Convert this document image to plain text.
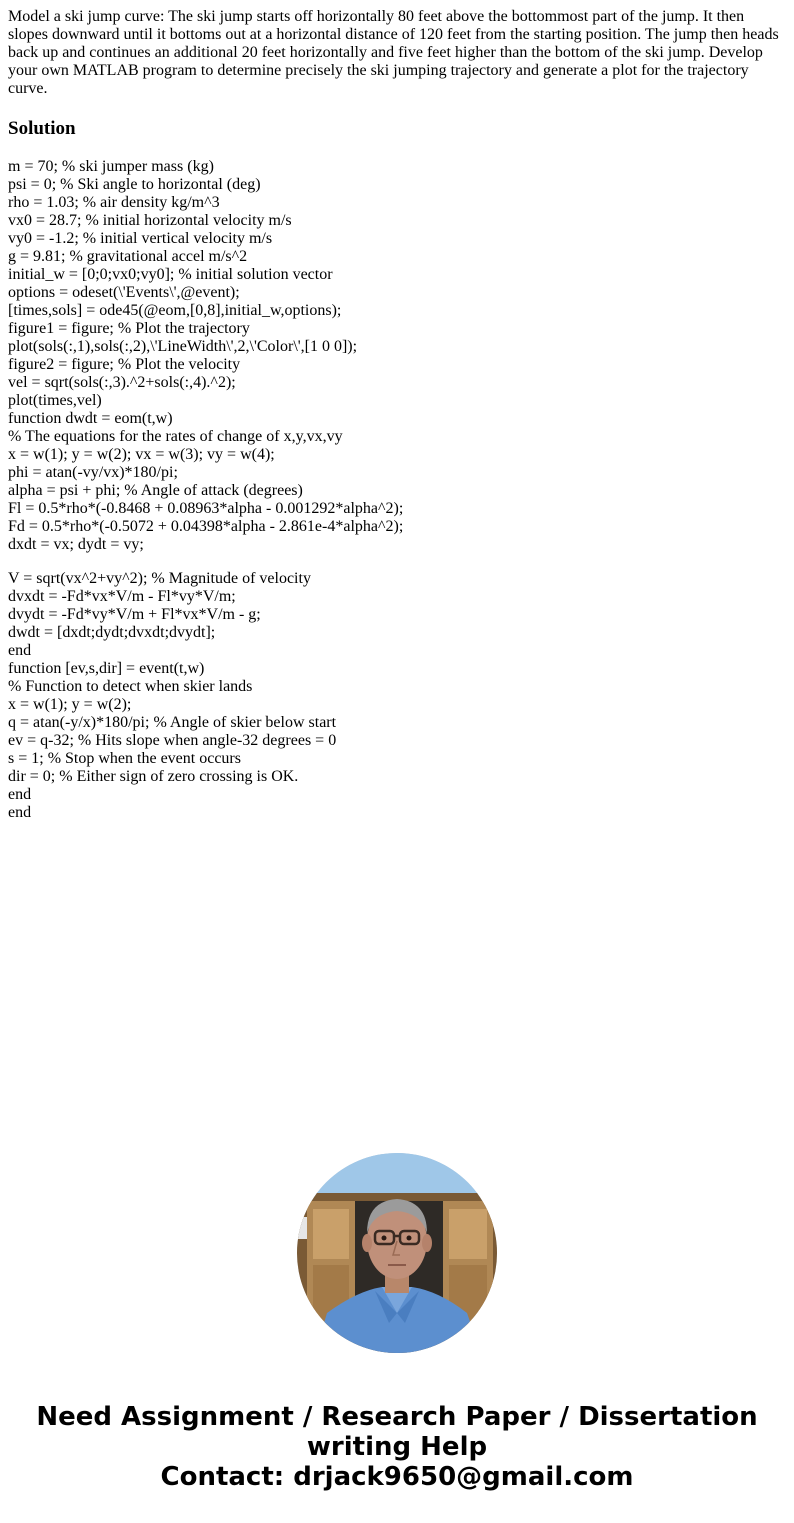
Model a ski jump curve: The ski jump starts off horizontally 80 feet above the bottommost part of the jump. It then slopes downward until it bottoms out at a horizontal distance of 120 feet from the starting position. The jump then heads back up and continues an additional 20 feet horizontally and five feet higher than the bottom of the ski jump. Develop your own MATLAB program to determine precisely the ski jumping trajectory and generate a plot for the trajectory curve.

Solution
m = 70; % ski jumper mass (kg)
psi = 0; % Ski angle to horizontal (deg)
rho = 1.03; % air density kg/m^3
vx0 = 28.7; % initial horizontal velocity m/s
vy0 = -1.2; % initial vertical velocity m/s
g = 9.81; % gravitational accel m/s^2
initial_w = [0;0;vx0;vy0]; % initial solution vector
options = odeset(\'Events\',@event);
[times,sols] = ode45(@eom,[0,8],initial_w,options);
figure1 = figure; % Plot the trajectory
plot(sols(:,1),sols(:,2),\'LineWidth\',2,\'Color\',[1 0 0]);
figure2 = figure; % Plot the velocity
vel = sqrt(sols(:,3).^2+sols(:,4).^2);
plot(times,vel)
function dwdt = eom(t,w)
% The equations for the rates of change of x,y,vx,vy
x = w(1); y = w(2); vx = w(3); vy = w(4);
phi = atan(-vy/vx)*180/pi;
alpha = psi + phi; % Angle of attack (degrees)
Fl = 0.5*rho*(-0.8468 + 0.08963*alpha - 0.001292*alpha^2);
Fd = 0.5*rho*(-0.5072 + 0.04398*alpha - 2.861e-4*alpha^2);
dxdt = vx; dydt = vy;
V = sqrt(vx^2+vy^2); % Magnitude of velocity
dvxdt = -Fd*vx*V/m - Fl*vy*V/m;
dvydt = -Fd*vy*V/m + Fl*vx*V/m - g;
dwdt = [dxdt;dydt;dvxdt;dvydt];
end
function [ev,s,dir] = event(t,w)
% Function to detect when skier lands
x = w(1); y = w(2);
q = atan(-y/x)*180/pi; % Angle of skier below start
ev = q-32; % Hits slope when angle-32 degrees = 0
s = 1; % Stop when the event occurs
dir = 0; % Either sign of zero crossing is OK.
end
end
Need Assignment / Research Paper / Dissertation
writing Help
Contact: drjack9650@gmail.com
